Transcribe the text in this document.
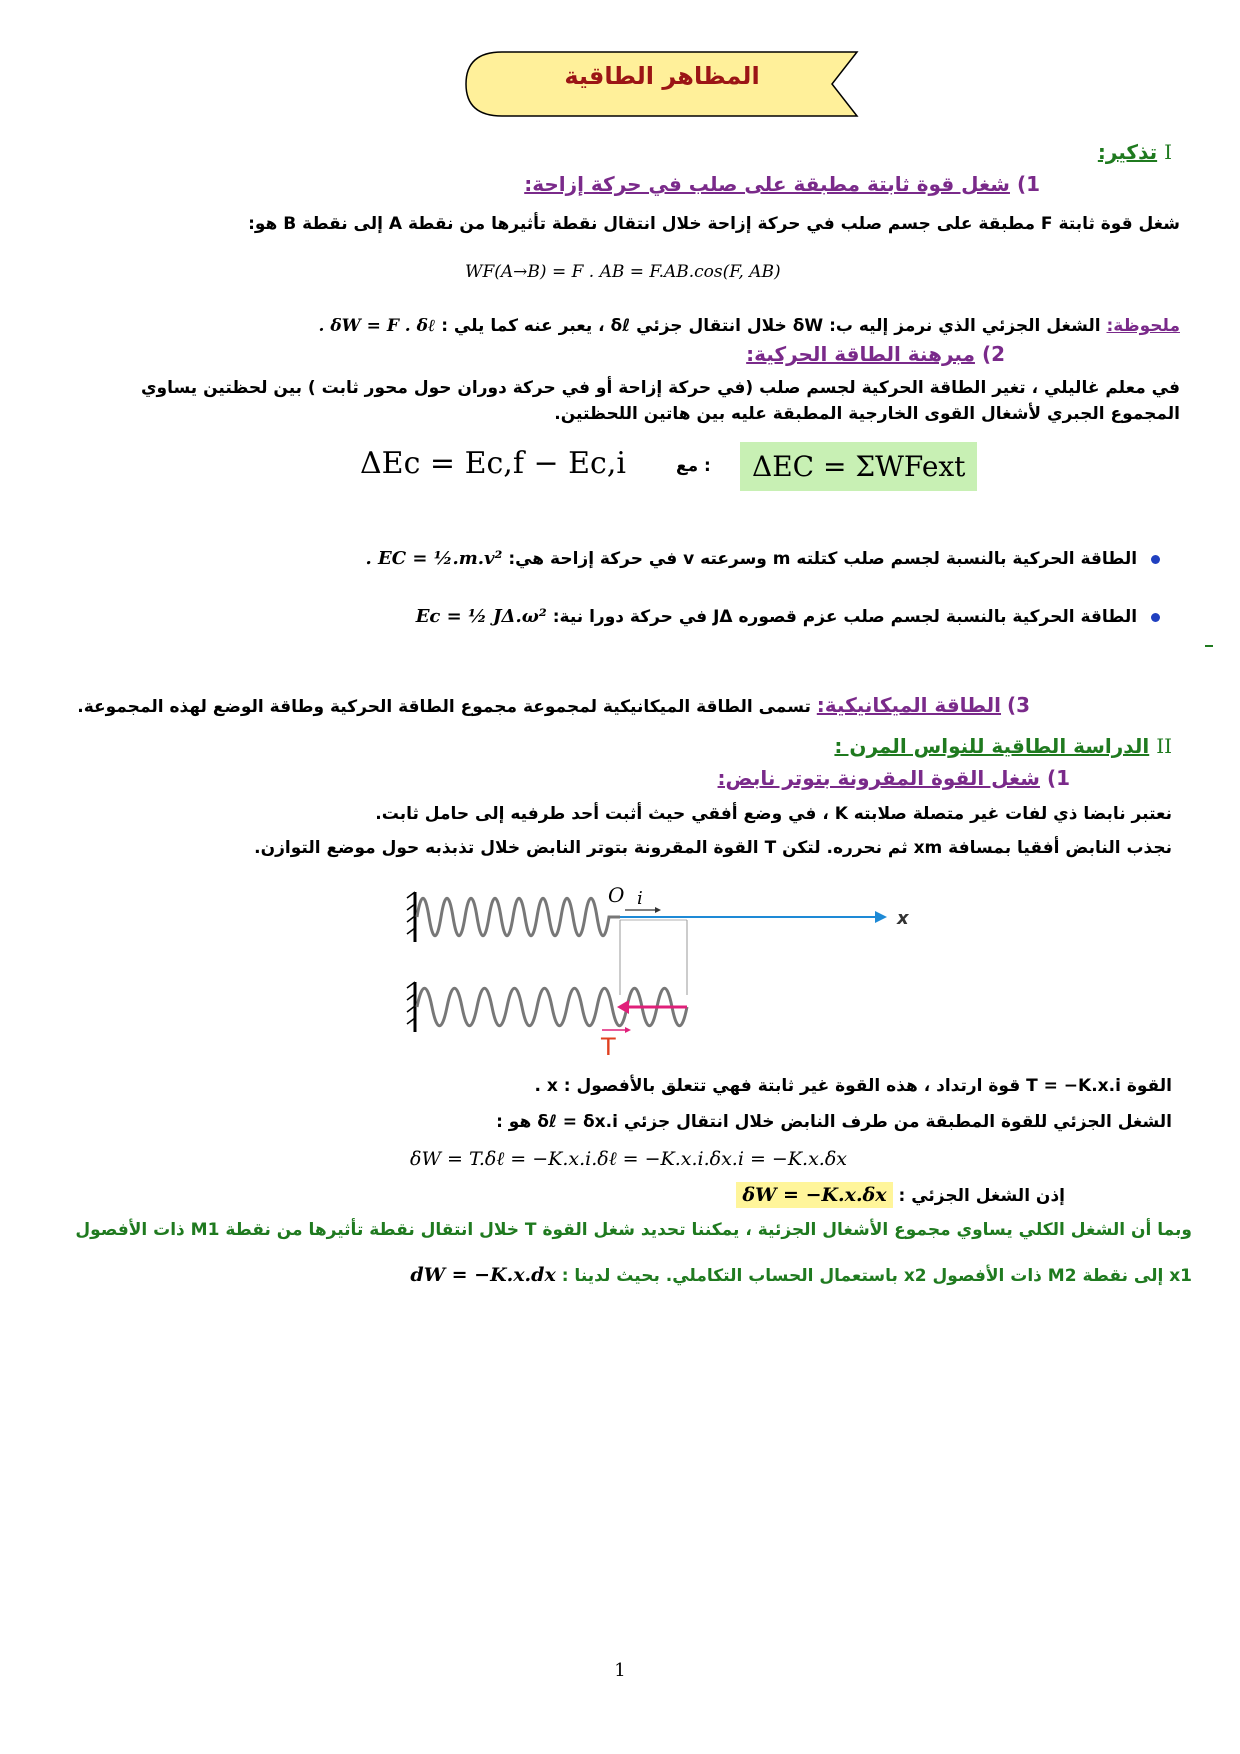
المظاهر الطاقية
I تذكير:
1) شغل قوة ثابتة مطبقة على صلب في حركة إزاحة:
شغل قوة ثابتة F مطبقة على جسم صلب في حركة إزاحة خلال انتقال نقطة تأثيرها من نقطة A إلى نقطة B هو:
WF(A→B) = F . AB = F.AB.cos(F, AB)
ملحوظة: الشغل الجزئي الذي نرمز إليه ب: δW خلال انتقال جزئي δℓ ، يعبر عنه كما يلي : δW = F . δℓ .
2) مبرهنة الطاقة الحركية:
في معلم غاليلي ، تغير الطاقة الحركية لجسم صلب (في حركة إزاحة أو في حركة دوران حول محور ثابت ) بين لحظتين يساوي
المجموع الجبري لأشغال القوى الخارجية المطبقة عليه بين هاتين اللحظتين.
ΔEc = Ec,f − Ec,i	: مع	ΔEC = ΣWFext
الطاقة الحركية بالنسبة لجسم صلب كتلته m وسرعته v في حركة إزاحة هي: EC = ½.m.v² .
الطاقة الحركية بالنسبة لجسم صلب عزم قصوره JΔ في حركة دورا نية: Ec = ½ JΔ.ω²
3) الطاقة الميكانيكية: تسمى الطاقة الميكانيكية لمجموعة مجموع الطاقة الحركية وطاقة الوضع لهذه المجموعة.
II الدراسة الطاقية للنواس المرن :
1) شغل القوة المقرونة بتوتر نابض:
نعتبر نابضا ذي لفات غير متصلة صلابته K ، في وضع أفقي حيث أثبت أحد طرفيه إلى حامل ثابت.
نجذب النابض أفقيا بمسافة xm ثم نحرره. لتكن T القوة المقرونة بتوتر النابض خلال تذبذبه حول موضع التوازن.
O i
x
T
القوة T = −K.x.i قوة ارتداد ، هذه القوة غير ثابتة فهي تتعلق بالأفصول : x .
الشغل الجزئي للقوة المطبقة من طرف النابض خلال انتقال جزئي δℓ = δx.i هو :
δW = T.δℓ = −K.x.i.δℓ = −K.x.i.δx.i = −K.x.δx
إذن الشغل الجزئي : δW = −K.x.δx
وبما أن الشغل الكلي يساوي مجموع الأشغال الجزئية ، يمكننا تحديد شغل القوة T خلال انتقال نقطة تأثيرها من نقطة M1 ذات الأفصول
x1 إلى نقطة M2 ذات الأفصول x2 باستعمال الحساب التكاملي. بحيث لدينا : dW = −K.x.dx
1
